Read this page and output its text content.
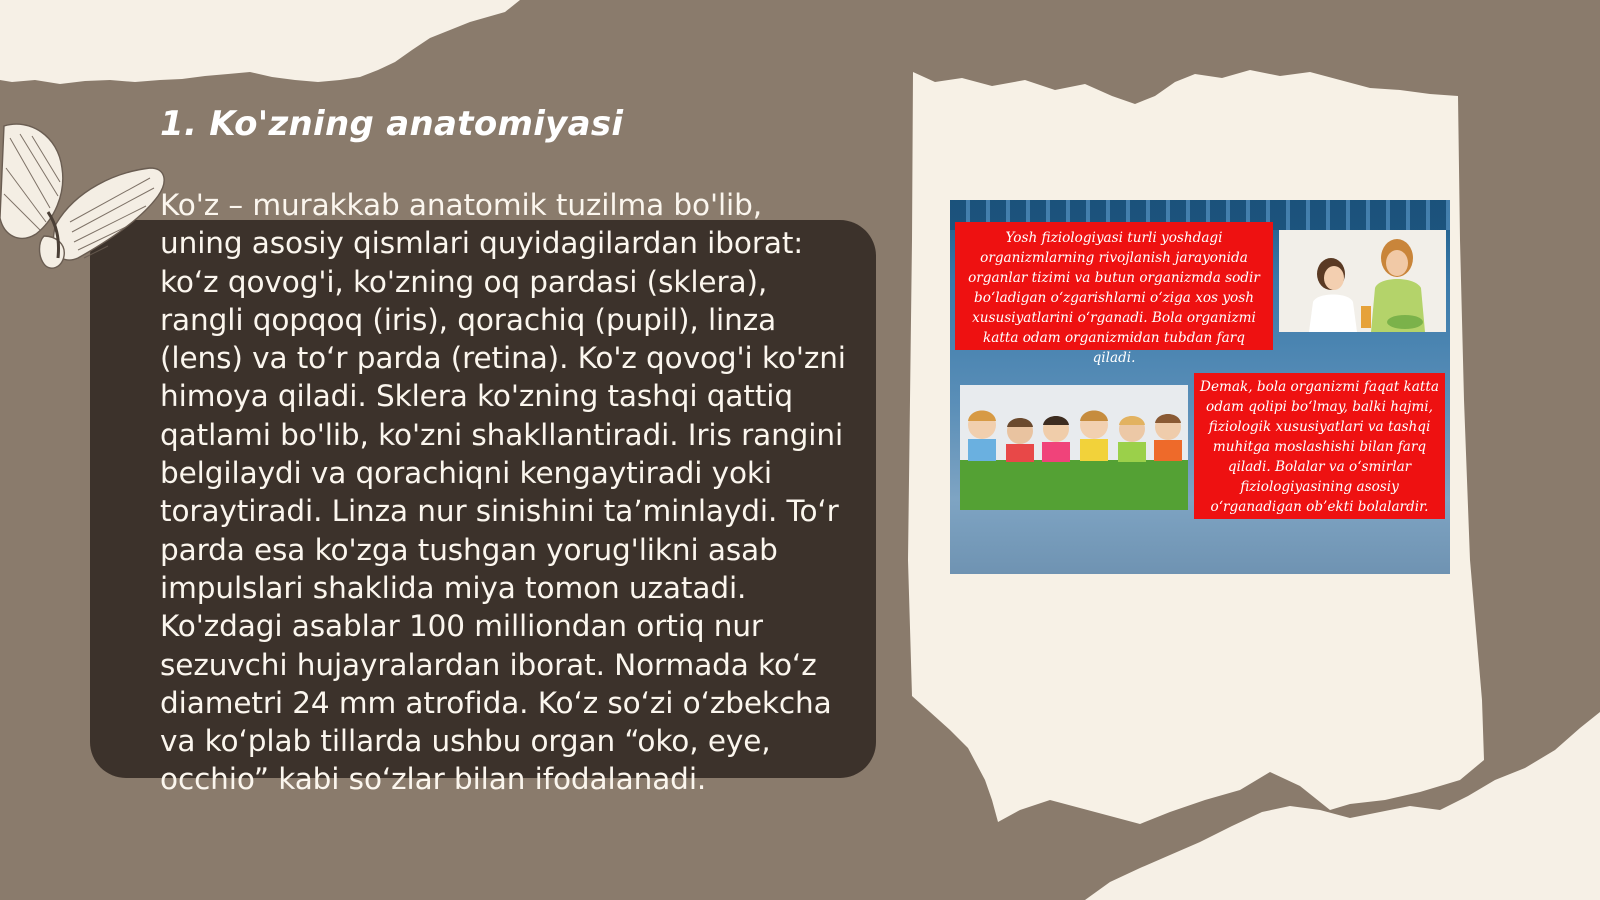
1. Ko'zning anatomiyasi

Ko'z – murakkab anatomik tuzilma bo'lib, uning asosiy qismlari quyidagilardan iborat: ko‘z qovog'i, ko'zning oq pardasi (sklera), rangli qopqoq (iris), qorachiq (pupil), linza (lens) va to‘r parda (retina). Ko'z qovog'i ko'zni himoya qiladi. Sklera ko'zning tashqi qattiq qatlami bo'lib, ko'zni shakllantiradi. Iris rangini belgilaydi va qorachiqni kengaytiradi yoki toraytiradi. Linza nur sinishini ta’minlaydi. To‘r parda esa ko'zga tushgan yorug'likni asab impulslari shaklida miya tomon uzatadi. Ko'zdagi asablar 100 milliondan ortiq nur sezuvchi hujayralardan iborat. Normada ko‘z diametri 24 mm atrofida. Ko‘z so‘zi o‘zbekcha va ko‘plab tillarda ushbu organ “oko, eye, occhio” kabi so‘zlar bilan ifodalanadi.

Yosh fiziologiyasi turli yoshdagi organizmlarning rivojlanish jarayonida organlar tizimi va butun organizmda sodir bo‘ladigan o‘zgarishlarni o‘ziga xos yosh xususiyatlarini o‘rganadi. Bola organizmi katta odam organizmidan tubdan farq qiladi.
Demak, bola organizmi faqat katta odam qolipi bo‘lmay, balki hajmi, fiziologik xususiyatlari va tashqi muhitga moslashishi bilan farq qiladi. Bolalar va o‘smirlar fiziologiyasining asosiy o‘rganadigan ob’ekti bolalardir.
